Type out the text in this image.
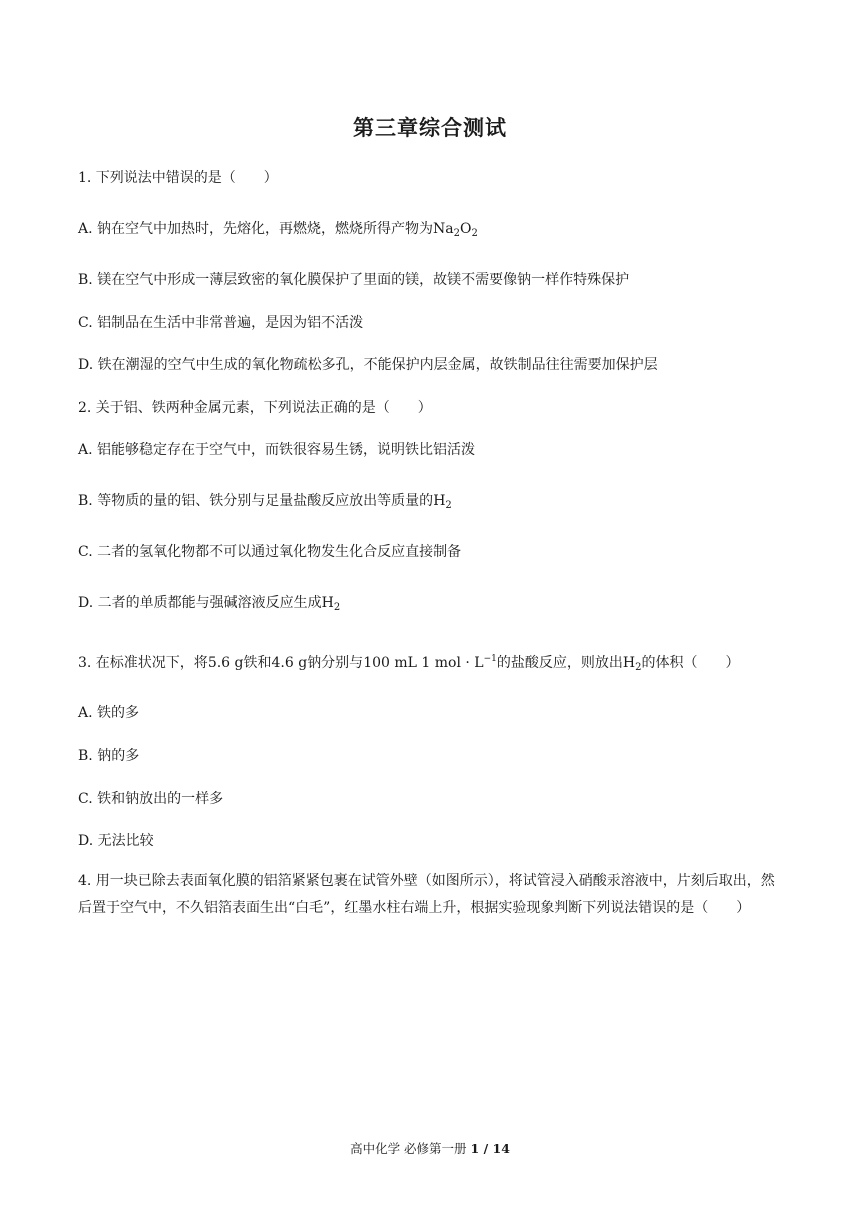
第三章综合测试
1. 下列说法中错误的是（　　）
A. 钠在空气中加热时，先熔化，再燃烧，燃烧所得产物为$Na_2O_2$
B. 镁在空气中形成一薄层致密的氧化膜保护了里面的镁，故镁不需要像钠一样作特殊保护
C. 铝制品在生活中非常普遍，是因为铝不活泼
D. 铁在潮湿的空气中生成的氧化物疏松多孔，不能保护内层金属，故铁制品往往需要加保护层
2. 关于铝、铁两种金属元素，下列说法正确的是（　　）
A. 铝能够稳定存在于空气中，而铁很容易生锈，说明铁比铝活泼
B. 等物质的量的铝、铁分别与足量盐酸反应放出等质量的$H_2$
C. 二者的氢氧化物都不可以通过氧化物发生化合反应直接制备
D. 二者的单质都能与强碱溶液反应生成$H_2$
3. 在标准状况下，将5.6 g铁和4.6 g钠分别与100 mL 1 mol · $L^{-1}$的盐酸反应，则放出$H_2$的体积（　　）
A. 铁的多
B. 钠的多
C. 铁和钠放出的一样多
D. 无法比较
4. 用一块已除去表面氧化膜的铝箔紧紧包裹在试管外壁（如图所示），将试管浸入硝酸汞溶液中，片刻后取出，然后置于空气中，不久铝箔表面生出“白毛”，红墨水柱右端上升，根据实验现象判断下列说法错误的是（　　）
高中化学 必修第一册 1 / 14
